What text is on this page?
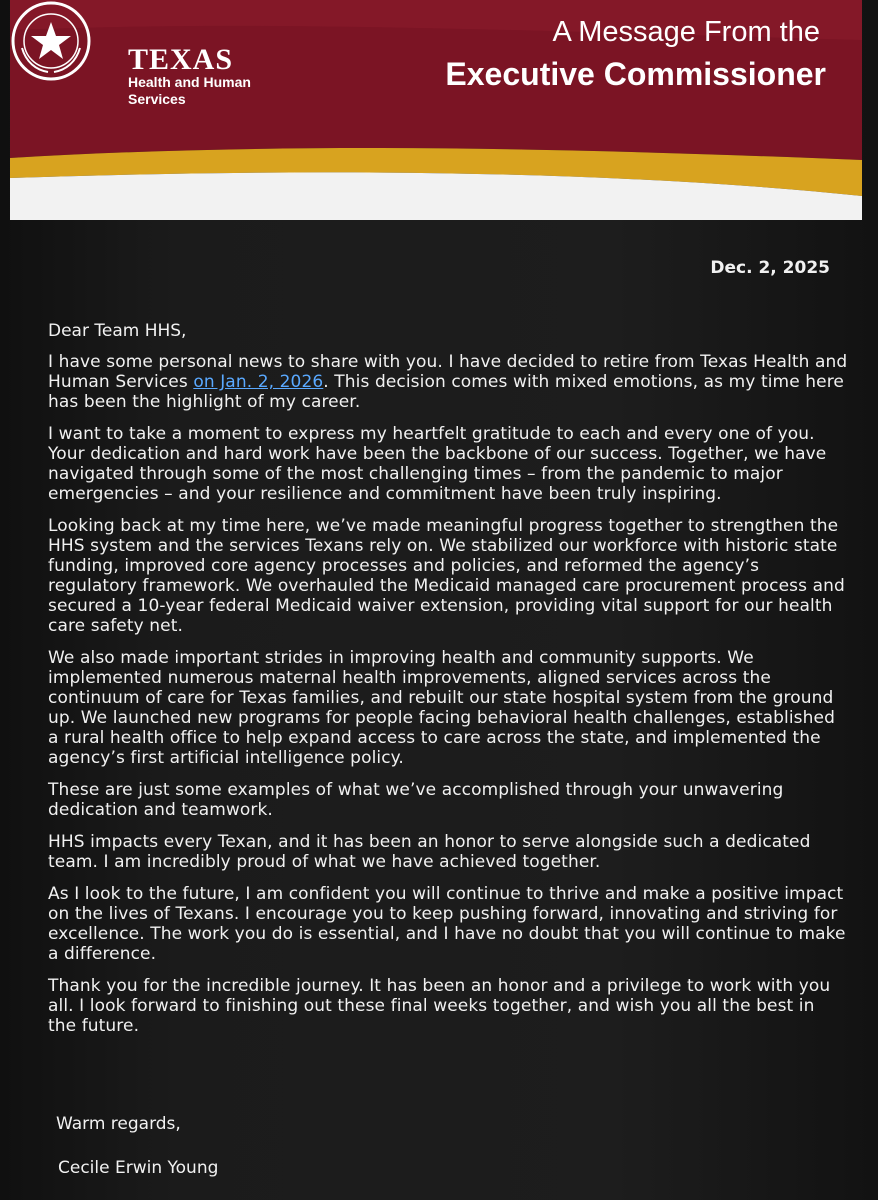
TEXAS
Health and Human
Services
A Message From the
Executive Commissioner
Dec. 2, 2025
Dear Team HHS,

I have some personal news to share with you. I have decided to retire from Texas Health and Human Services on Jan. 2, 2026. This decision comes with mixed emotions, as my time here has been the highlight of my career.

I want to take a moment to express my heartfelt gratitude to each and every one of you. Your dedication and hard work have been the backbone of our success. Together, we have navigated through some of the most challenging times – from the pandemic to major emergencies – and your resilience and commitment have been truly inspiring.

Looking back at my time here, we’ve made meaningful progress together to strengthen the HHS system and the services Texans rely on. We stabilized our workforce with historic state funding, improved core agency processes and policies, and reformed the agency’s regulatory framework. We overhauled the Medicaid managed care procurement process and secured a 10-year federal Medicaid waiver extension, providing vital support for our health care safety net.

We also made important strides in improving health and community supports. We implemented numerous maternal health improvements, aligned services across the continuum of care for Texas families, and rebuilt our state hospital system from the ground up. We launched new programs for people facing behavioral health challenges, established a rural health office to help expand access to care across the state, and implemented the agency’s first artificial intelligence policy.

These are just some examples of what we’ve accomplished through your unwavering dedication and teamwork.

HHS impacts every Texan, and it has been an honor to serve alongside such a dedicated team. I am incredibly proud of what we have achieved together.

As I look to the future, I am confident you will continue to thrive and make a positive impact on the lives of Texans. I encourage you to keep pushing forward, innovating and striving for excellence. The work you do is essential, and I have no doubt that you will continue to make a difference.

Thank you for the incredible journey. It has been an honor and a privilege to work with you all. I look forward to finishing out these final weeks together, and wish you all the best in the future.

Warm regards,
Cecile Erwin Young
